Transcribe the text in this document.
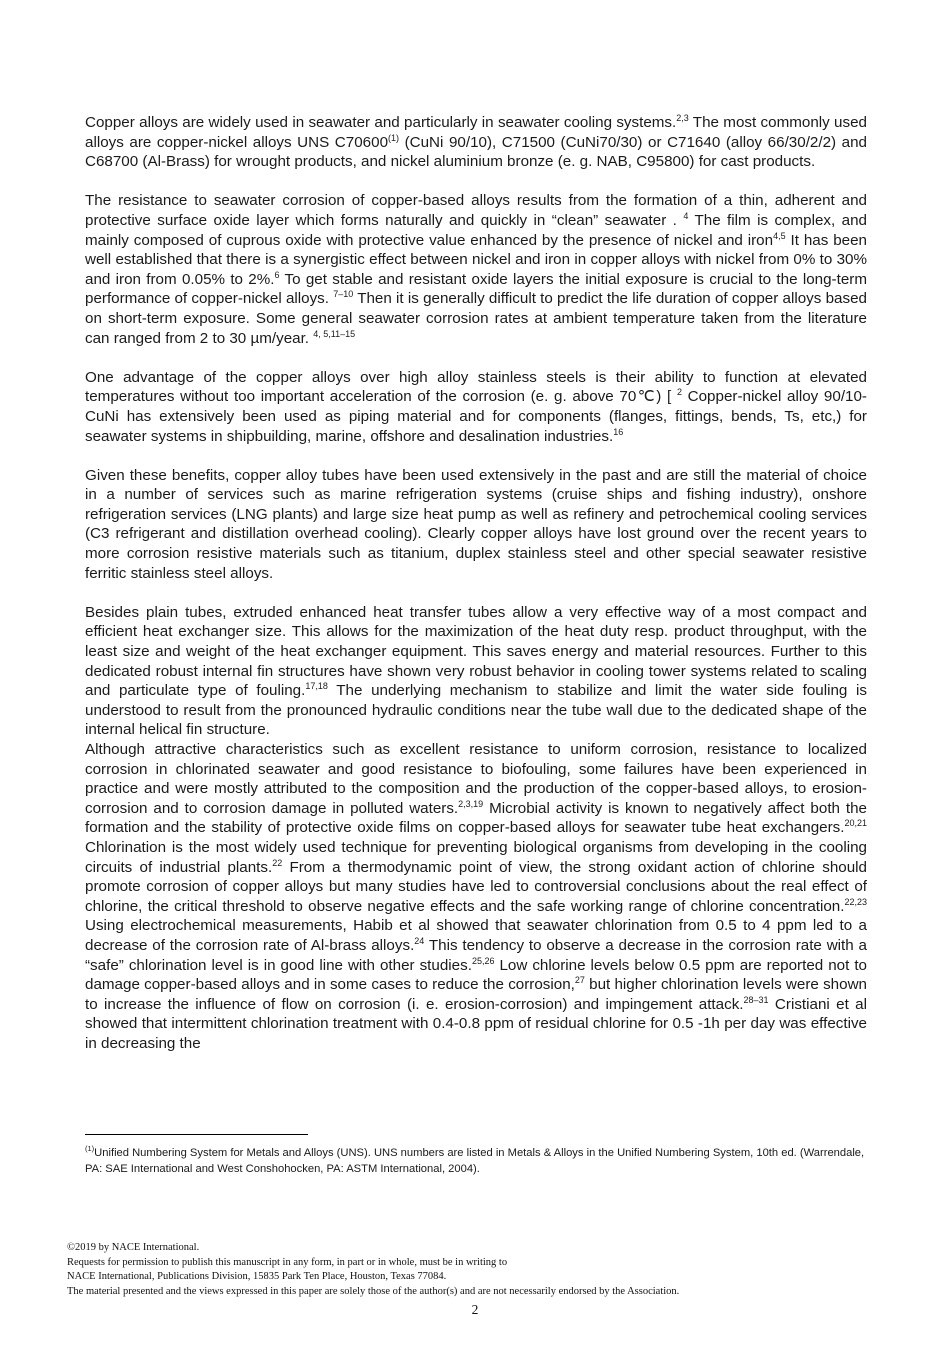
Copper alloys are widely used in seawater and particularly in seawater cooling systems.$^{2,3}$ The most commonly used alloys are copper-nickel alloys UNS C70600$^{(1)}$ (CuNi 90/10), C71500 (CuNi70/30) or C71640 (alloy 66/30/2/2) and C68700 (Al-Brass) for wrought products, and nickel aluminium bronze (e. g. NAB, C95800) for cast products.

The resistance to seawater corrosion of copper-based alloys results from the formation of a thin, adherent and protective surface oxide layer which forms naturally and quickly in “clean” seawater . $^4$ The film is complex, and mainly composed of cuprous oxide with protective value enhanced by the presence of nickel and iron$^{4,5}$ It has been well established that there is a synergistic effect between nickel and iron in copper alloys with nickel from 0% to 30% and iron from 0.05% to 2%.$^6$ To get stable and resistant oxide layers the initial exposure is crucial to the long-term performance of copper-nickel alloys. $^{7-10}$ Then it is generally difficult to predict the life duration of copper alloys based on short-term exposure. Some general seawater corrosion rates at ambient temperature taken from the literature can ranged from 2 to 30 µm/year. $^{4, 5,11-15}$

One advantage of the copper alloys over high alloy stainless steels is their ability to function at elevated temperatures without too important acceleration of the corrosion (e. g. above 70℃) [ $^2$ Copper-nickel alloy 90/10-CuNi has extensively been used as piping material and for components (flanges, fittings, bends, Ts, etc,) for seawater systems in shipbuilding, marine, offshore and desalination industries.$^{16}$

Given these benefits, copper alloy tubes have been used extensively in the past and are still the material of choice in a number of services such as marine refrigeration systems (cruise ships and fishing industry), onshore refrigeration services (LNG plants) and large size heat pump as well as refinery and petrochemical cooling services (C3 refrigerant and distillation overhead cooling). Clearly copper alloys have lost ground over the recent years to more corrosion resistive materials such as titanium, duplex stainless steel and other special seawater resistive ferritic stainless steel alloys.

Besides plain tubes, extruded enhanced heat transfer tubes allow a very effective way of a most compact and efficient heat exchanger size. This allows for the maximization of the heat duty resp. product throughput, with the least size and weight of the heat exchanger equipment. This saves energy and material resources. Further to this dedicated robust internal fin structures have shown very robust behavior in cooling tower systems related to scaling and particulate type of fouling.$^{17,18}$ The underlying mechanism to stabilize and limit the water side fouling is understood to result from the pronounced hydraulic conditions near the tube wall due to the dedicated shape of the internal helical fin structure.

Although attractive characteristics such as excellent resistance to uniform corrosion, resistance to localized corrosion in chlorinated seawater and good resistance to biofouling, some failures have been experienced in practice and were mostly attributed to the composition and the production of the copper-based alloys, to erosion-corrosion and to corrosion damage in polluted waters.$^{2,3,19}$ Microbial activity is known to negatively affect both the formation and the stability of protective oxide films on copper-based alloys for seawater tube heat exchangers.$^{20,21}$ Chlorination is the most widely used technique for preventing biological organisms from developing in the cooling circuits of industrial plants.$^{22}$ From a thermodynamic point of view, the strong oxidant action of chlorine should promote corrosion of copper alloys but many studies have led to controversial conclusions about the real effect of chlorine, the critical threshold to observe negative effects and the safe working range of chlorine concentration.$^{22,23}$ Using electrochemical measurements, Habib et al showed that seawater chlorination from 0.5 to 4 ppm led to a decrease of the corrosion rate of Al-brass alloys.$^{24}$ This tendency to observe a decrease in the corrosion rate with a “safe” chlorination level is in good line with other studies.$^{25,26}$ Low chlorine levels below 0.5 ppm are reported not to damage copper-based alloys and in some cases to reduce the corrosion,$^{27}$ but higher chlorination levels were shown to increase the influence of flow on corrosion (i. e. erosion-corrosion) and impingement attack.$^{28-31}$ Cristiani et al showed that intermittent chlorination treatment with 0.4-0.8 ppm of residual chlorine for 0.5 -1h per day was effective in decreasing the

$^{(1)}$Unified Numbering System for Metals and Alloys (UNS). UNS numbers are listed in Metals & Alloys in the Unified Numbering System, 10th ed. (Warrendale, PA: SAE International and West Conshohocken, PA: ASTM International, 2004).
©2019 by NACE International.
Requests for permission to publish this manuscript in any form, in part or in whole, must be in writing to
NACE International, Publications Division, 15835 Park Ten Place, Houston, Texas 77084.
The material presented and the views expressed in this paper are solely those of the author(s) and are not necessarily endorsed by the Association.
2
